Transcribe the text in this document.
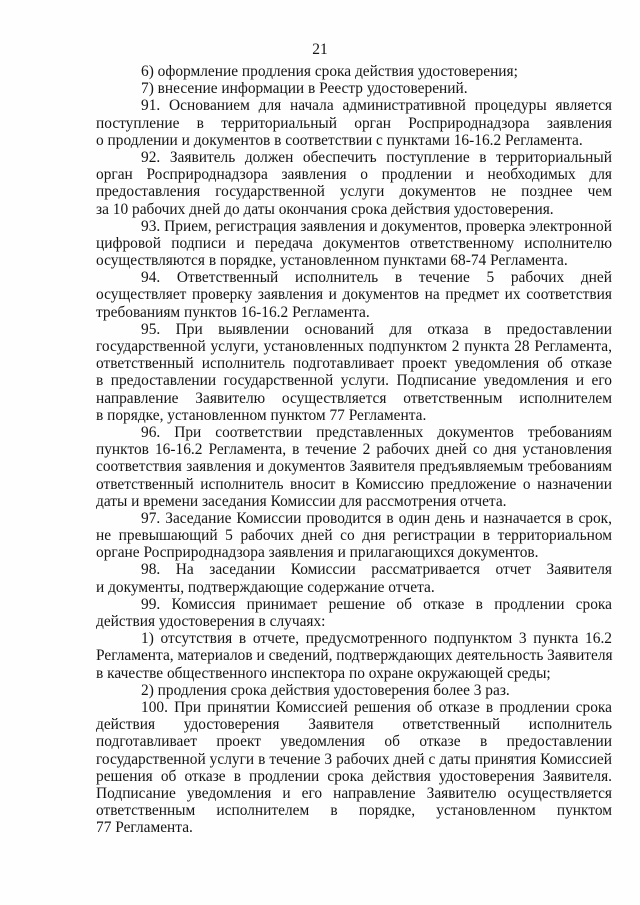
21
6) оформление продления срока действия удостоверения;
7) внесение информации в Реестр удостоверений.
91. Основанием для начала административной процедуры является
поступление в территориальный орган Росприроднадзора заявления
о продлении и документов в соответствии с пунктами 16-16.2 Регламента.
92. Заявитель должен обеспечить поступление в территориальный
орган Росприроднадзора заявления о продлении и необходимых для
предоставления государственной услуги документов не позднее чем
за 10 рабочих дней до даты окончания срока действия удостоверения.
93. Прием, регистрация заявления и документов, проверка электронной
цифровой подписи и передача документов ответственному исполнителю
осуществляются в порядке, установленном пунктами 68-74 Регламента.
94. Ответственный исполнитель в течение 5 рабочих дней
осуществляет проверку заявления и документов на предмет их соответствия
требованиям пунктов 16-16.2 Регламента.
95. При выявлении оснований для отказа в предоставлении
государственной услуги, установленных подпунктом 2 пункта 28 Регламента,
ответственный исполнитель подготавливает проект уведомления об отказе
в предоставлении государственной услуги. Подписание уведомления и его
направление Заявителю осуществляется ответственным исполнителем
в порядке, установленном пунктом 77 Регламента.
96. При соответствии представленных документов требованиям
пунктов 16-16.2 Регламента, в течение 2 рабочих дней со дня установления
соответствия заявления и документов Заявителя предъявляемым требованиям
ответственный исполнитель вносит в Комиссию предложение о назначении
даты и времени заседания Комиссии для рассмотрения отчета.
97. Заседание Комиссии проводится в один день и назначается в срок,
не превышающий 5 рабочих дней со дня регистрации в территориальном
органе Росприроднадзора заявления и прилагающихся документов.
98. На заседании Комиссии рассматривается отчет Заявителя
и документы, подтверждающие содержание отчета.
99. Комиссия принимает решение об отказе в продлении срока
действия удостоверения в случаях:
1) отсутствия в отчете, предусмотренного подпунктом 3 пункта 16.2
Регламента, материалов и сведений, подтверждающих деятельность Заявителя
в качестве общественного инспектора по охране окружающей среды;
2) продления срока действия удостоверения более 3 раз.
100. При принятии Комиссией решения об отказе в продлении срока
действия удостоверения Заявителя ответственный исполнитель
подготавливает проект уведомления об отказе в предоставлении
государственной услуги в течение 3 рабочих дней с даты принятия Комиссией
решения об отказе в продлении срока действия удостоверения Заявителя.
Подписание уведомления и его направление Заявителю осуществляется
ответственным исполнителем в порядке, установленном пунктом
77 Регламента.
